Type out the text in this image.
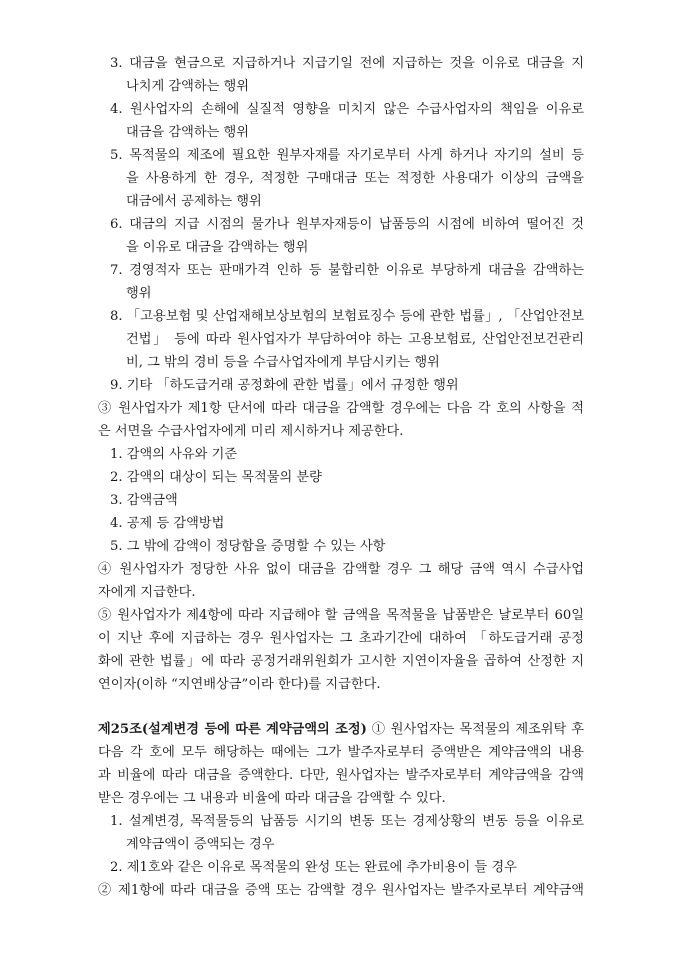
3. 대금을 현금으로 지급하거나 지급기일 전에 지급하는 것을 이유로 대금을 지
나치게 감액하는 행위
4. 원사업자의 손해에 실질적 영향을 미치지 않은 수급사업자의 책임을 이유로
대금을 감액하는 행위
5. 목적물의 제조에 필요한 원부자재를 자기로부터 사게 하거나 자기의 설비 등
을 사용하게 한 경우, 적정한 구매대금 또는 적정한 사용대가 이상의 금액을
대금에서 공제하는 행위
6. 대금의 지급 시점의 물가나 원부자재등이 납품등의 시점에 비하여 떨어진 것
을 이유로 대금을 감액하는 행위
7. 경영적자 또는 판매가격 인하 등 불합리한 이유로 부당하게 대금을 감액하는
행위
8. 「고용보험 및 산업재해보상보험의 보험료징수 등에 관한 법률」, 「산업안전보
건법」 등에 따라 원사업자가 부담하여야 하는 고용보험료, 산업안전보건관리
비, 그 밖의 경비 등을 수급사업자에게 부담시키는 행위
9. 기타 「하도급거래 공정화에 관한 법률」에서 규정한 행위
③ 원사업자가 제1항 단서에 따라 대금을 감액할 경우에는 다음 각 호의 사항을 적
은 서면을 수급사업자에게 미리 제시하거나 제공한다.
1. 감액의 사유와 기준
2. 감액의 대상이 되는 목적물의 분량
3. 감액금액
4. 공제 등 감액방법
5. 그 밖에 감액이 정당함을 증명할 수 있는 사항
④ 원사업자가 정당한 사유 없이 대금을 감액할 경우 그 해당 금액 역시 수급사업
자에게 지급한다.
⑤ 원사업자가 제4항에 따라 지급해야 할 금액을 목적물을 납품받은 날로부터 60일
이 지난 후에 지급하는 경우 원사업자는 그 초과기간에 대하여 「하도급거래 공정
화에 관한 법률」에 따라 공정거래위원회가 고시한 지연이자율을 곱하여 산정한 지
연이자(이하 “지연배상금”이라 한다)를 지급한다.
제25조(설계변경 등에 따른 계약금액의 조정) ① 원사업자는 목적물의 제조위탁 후
다음 각 호에 모두 해당하는 때에는 그가 발주자로부터 증액받은 계약금액의 내용
과 비율에 따라 대금을 증액한다. 다만, 원사업자는 발주자로부터 계약금액을 감액
받은 경우에는 그 내용과 비율에 따라 대금을 감액할 수 있다.
1. 설계변경, 목적물등의 납품등 시기의 변동 또는 경제상황의 변동 등을 이유로
계약금액이 증액되는 경우
2. 제1호와 같은 이유로 목적물의 완성 또는 완료에 추가비용이 들 경우
② 제1항에 따라 대금을 증액 또는 감액할 경우 원사업자는 발주자로부터 계약금액
